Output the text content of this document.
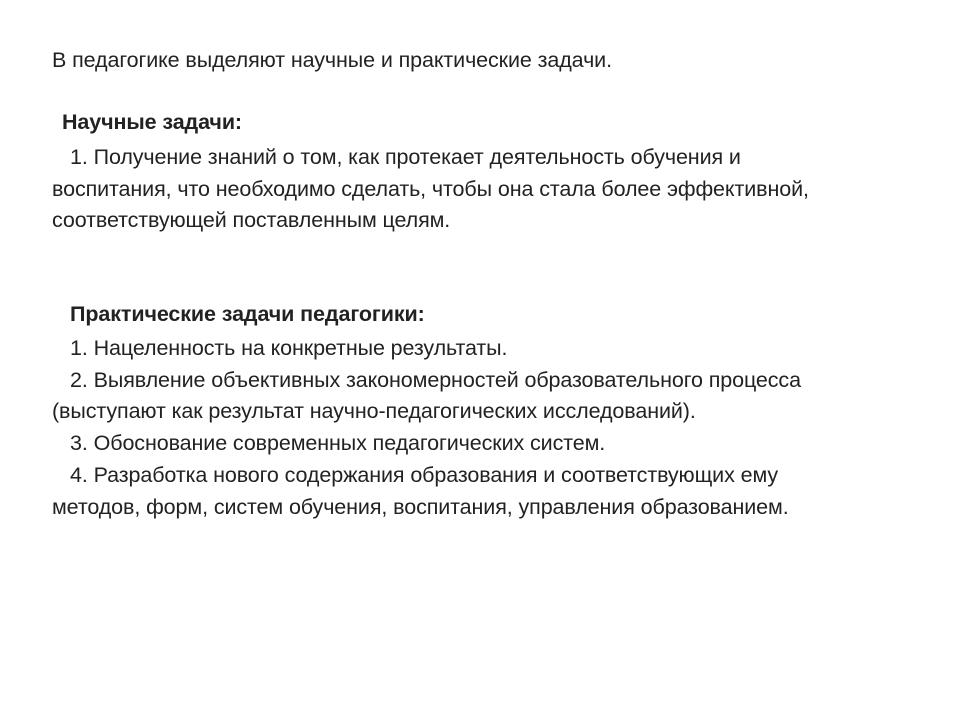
В педагогике выделяют научные и практические задачи.
Научные задачи:
1. Получение знаний о том, как протекает деятельность обучения и
воспитания, что необходимо сделать, чтобы она стала более эффективной,
соответствующей поставленным целям.
Практические задачи педагогики:
1. Нацеленность на конкретные результаты.
2. Выявление объективных закономерностей образовательного процесса
(выступают как результат научно-педагогических исследований).
3. Обоснование современных педагогических систем.
4. Разработка нового содержания образования и соответствующих ему
методов, форм, систем обучения, воспитания, управления образованием.
